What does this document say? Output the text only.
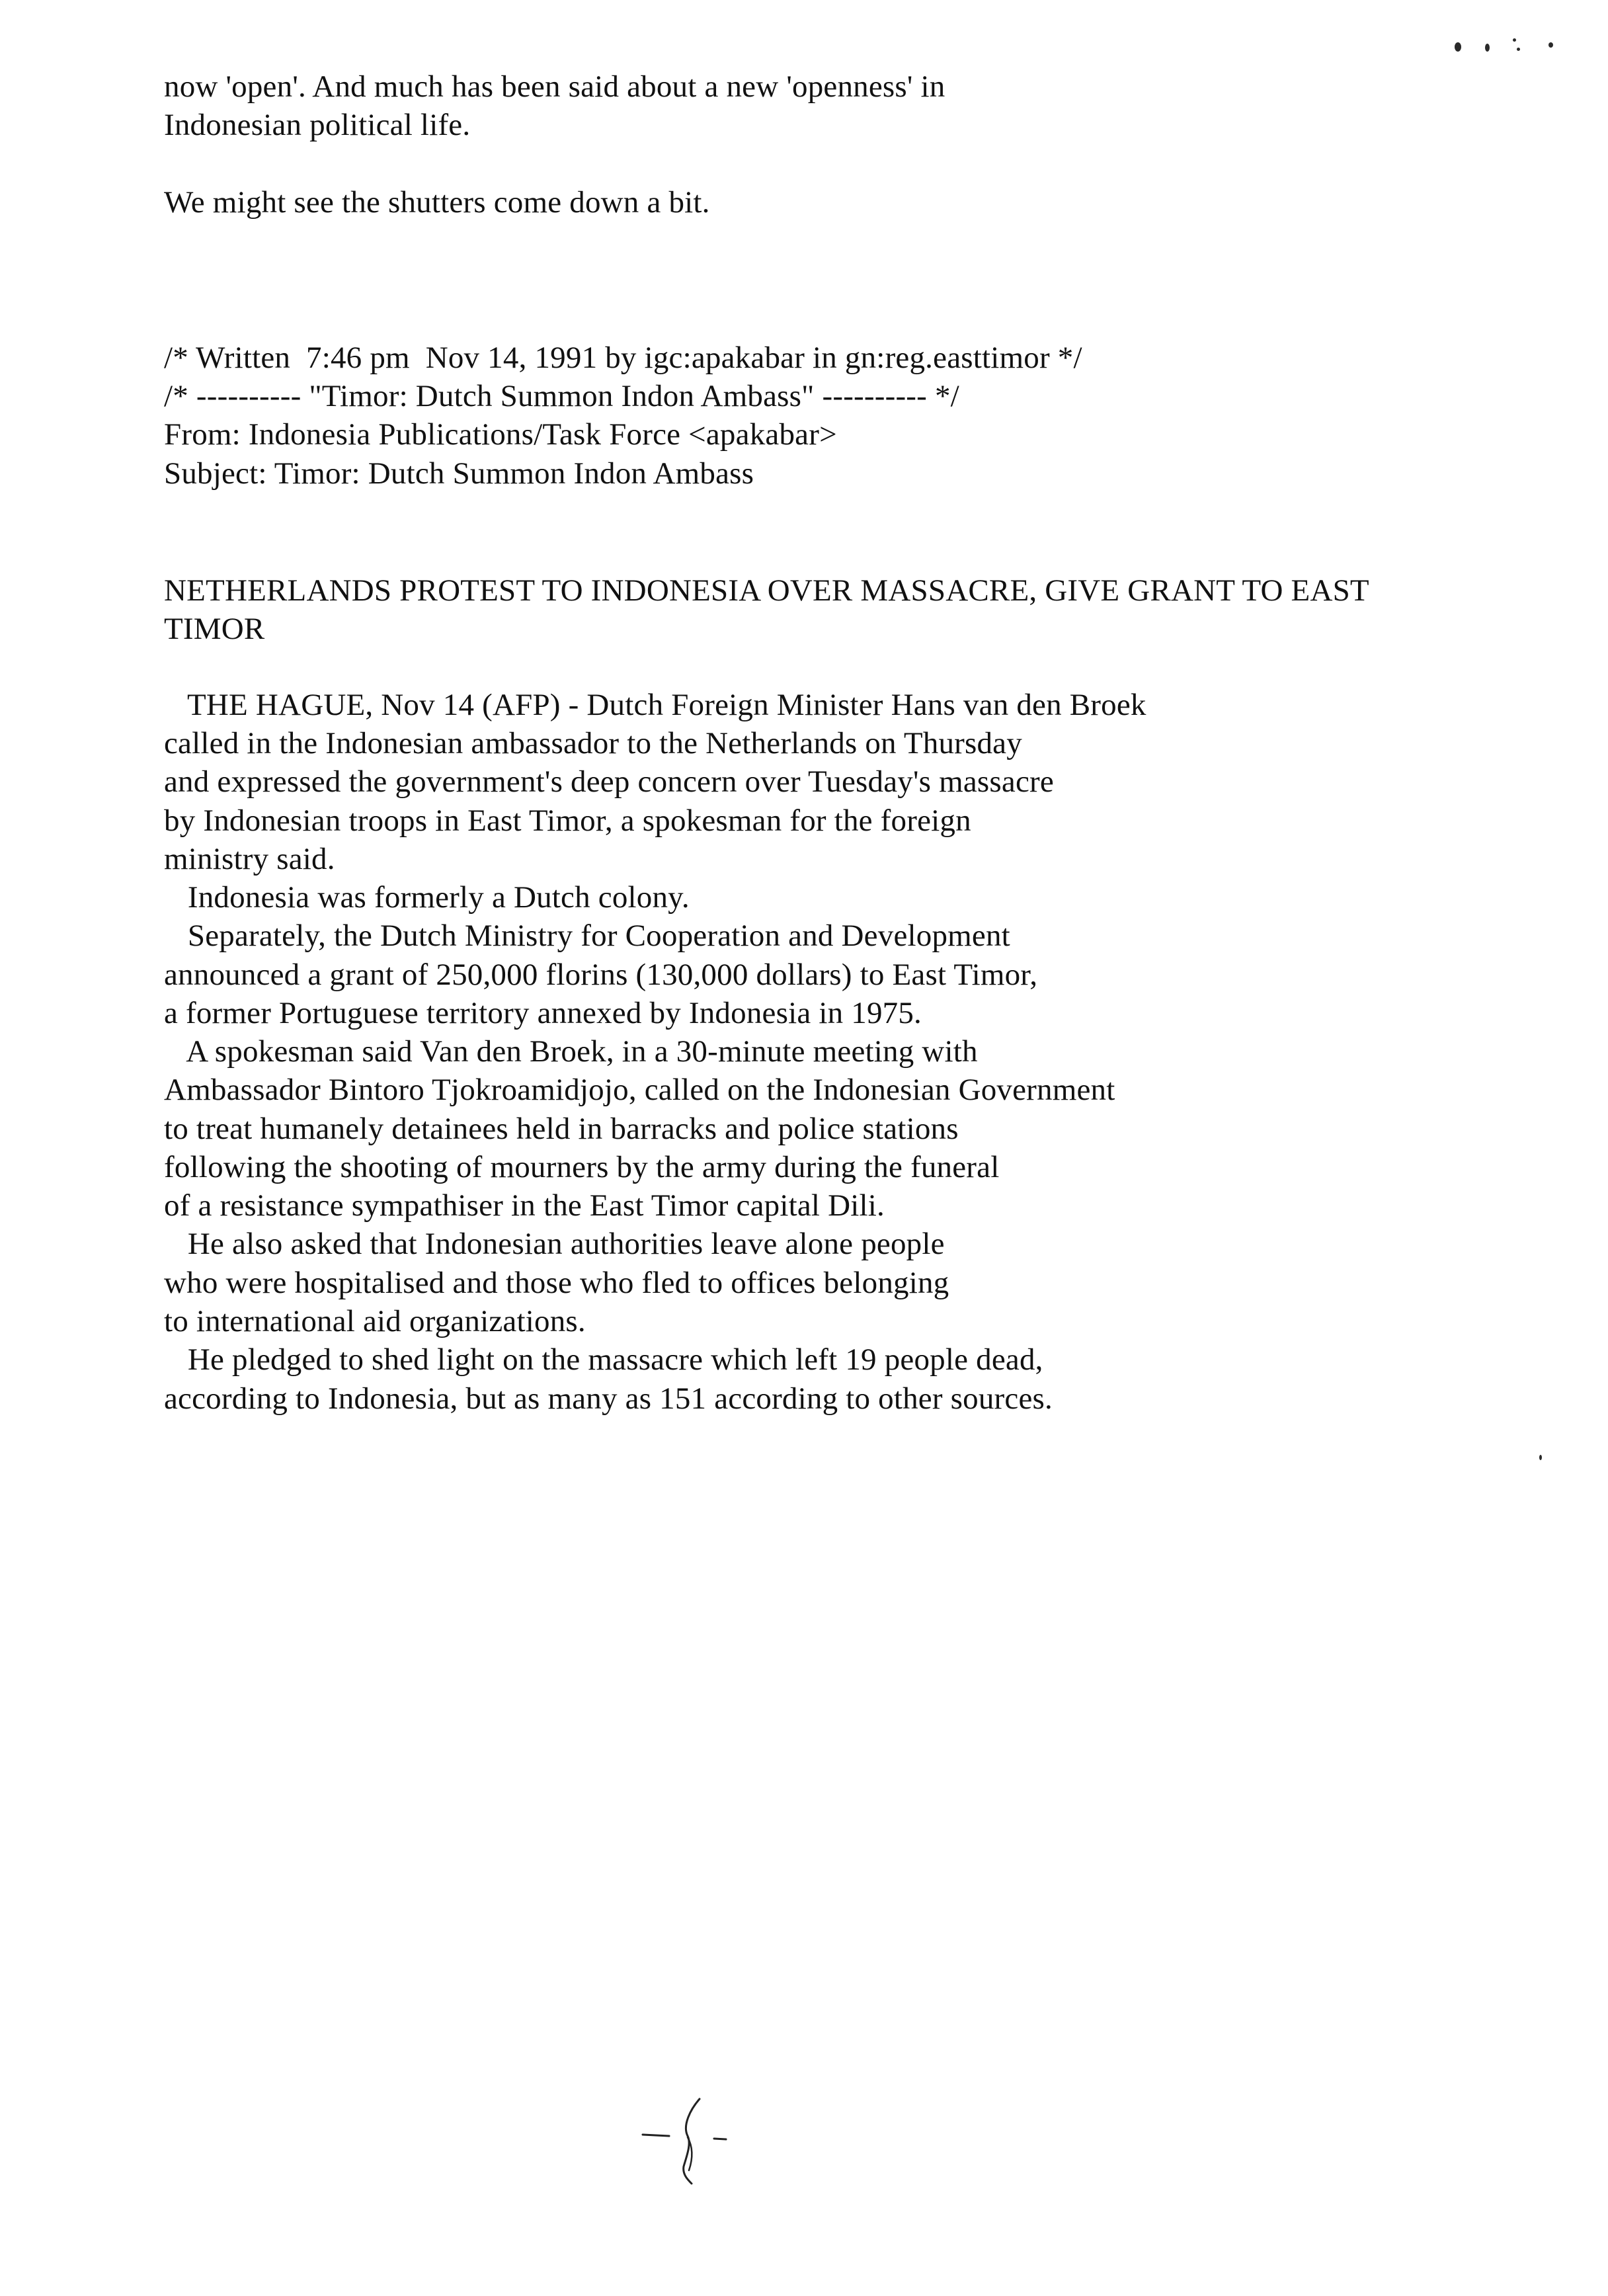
now 'open'. And much has been said about a new 'openness' in
Indonesian political life.
We might see the shutters come down a bit.
/* Written  7:46 pm  Nov 14, 1991 by igc:apakabar in gn:reg.easttimor */
/* ---------- "Timor: Dutch Summon Indon Ambass" ---------- */
From: Indonesia Publications/Task Force <apakabar>
Subject: Timor: Dutch Summon Indon Ambass
NETHERLANDS PROTEST TO INDONESIA OVER MASSACRE, GIVE GRANT TO EAST
TIMOR
THE HAGUE, Nov 14 (AFP) - Dutch Foreign Minister Hans van den Broek
called in the Indonesian ambassador to the Netherlands on Thursday
and expressed the government's deep concern over Tuesday's massacre
by Indonesian troops in East Timor, a spokesman for the foreign
ministry said.
Indonesia was formerly a Dutch colony.
Separately, the Dutch Ministry for Cooperation and Development
announced a grant of 250,000 florins (130,000 dollars) to East Timor,
a former Portuguese territory annexed by Indonesia in 1975.
A spokesman said Van den Broek, in a 30-minute meeting with
Ambassador Bintoro Tjokroamidjojo, called on the Indonesian Government
to treat humanely detainees held in barracks and police stations
following the shooting of mourners by the army during the funeral
of a resistance sympathiser in the East Timor capital Dili.
He also asked that Indonesian authorities leave alone people
who were hospitalised and those who fled to offices belonging
to international aid organizations.
He pledged to shed light on the massacre which left 19 people dead,
according to Indonesia, but as many as 151 according to other sources.
